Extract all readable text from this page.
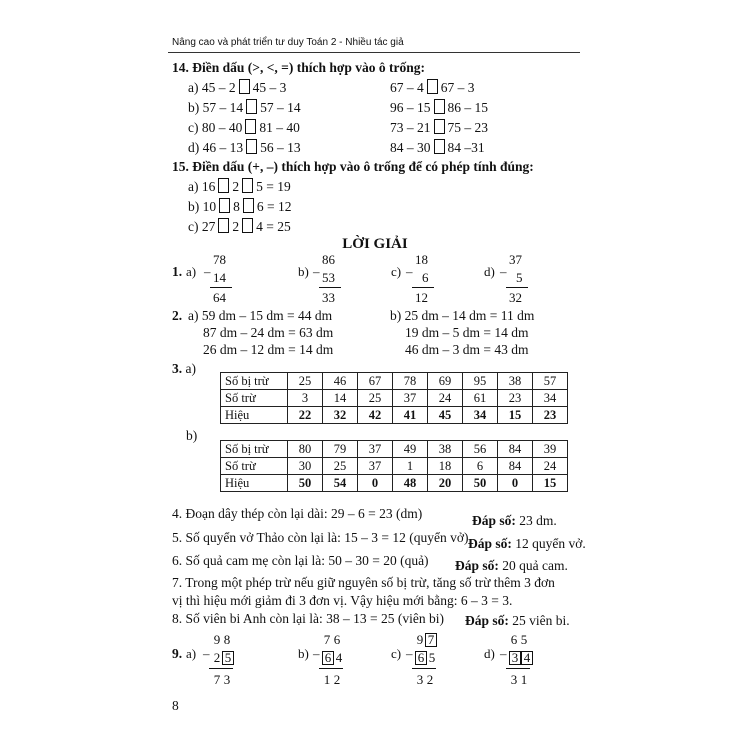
Nâng cao và phát triển tư duy Toán 2 - Nhiều tác giả
14. Điền dấu (>, <, =) thích hợp vào ô trống:
a) 45 – 2 45 – 3	67 – 4 67 – 3
b) 57 – 14 57 – 14	96 – 15 86 – 15
c) 80 – 40 81 – 40	73 – 21 75 – 23
d) 46 – 13 56 – 13	84 – 30 84 –31
15. Điền dấu (+, –) thích hợp vào ô trống để có phép tính đúng:
a) 16 2 5 = 19
b) 10 8 6 = 12
c) 27 2 4 = 25
LỜI GIẢI
1. a) –
78
14
64
b) –
86
53
33
c) –
18
6
12
d) –
37
5
32
2. a) 59 dm – 15 dm = 44 dm
87 dm – 24 dm = 63 dm
26 dm – 12 dm = 14 dm
b) 25 dm – 14 dm = 11 dm
19 dm – 5 dm = 14 dm
46 dm – 3 dm = 43 dm
3. a)
Số bị trừ	25	46	67	78	69	95	38	57
Số trừ	3	14	25	37	24	61	23	34
Hiệu	22	32	42	41	45	34	15	23
b)
Số bị trừ	80	79	37	49	38	56	84	39
Số trừ	30	25	37	1	18	6	84	24
Hiệu	50	54	0	48	20	50	0	15
4. Đoạn dây thép còn lại dài: 29 – 6 = 23 (dm)	Đáp số: 23 dm.
5. Số quyển vở Thảo còn lại là: 15 – 3 = 12 (quyển vở) Đáp số: 12 quyển vở.
6. Số quả cam mẹ còn lại là: 50 – 30 = 20 (quả) Đáp số: 20 quả cam.
7. Trong một phép trừ nếu giữ nguyên số bị trừ, tăng số trừ thêm 3 đơn
vị thì hiệu mới giảm đi 3 đơn vị. Vậy hiệu mới bằng: 6 – 3 = 3.
8. Số viên bi Anh còn lại là: 38 – 13 = 25 (viên bi) Đáp số: 25 viên bi.
9. a) –
9 8
2 5
7 3
b) –
7 6
6 4
1 2
c) –
9 7
6 5
3 2
d) –
6 5
3 4
3 1
8
